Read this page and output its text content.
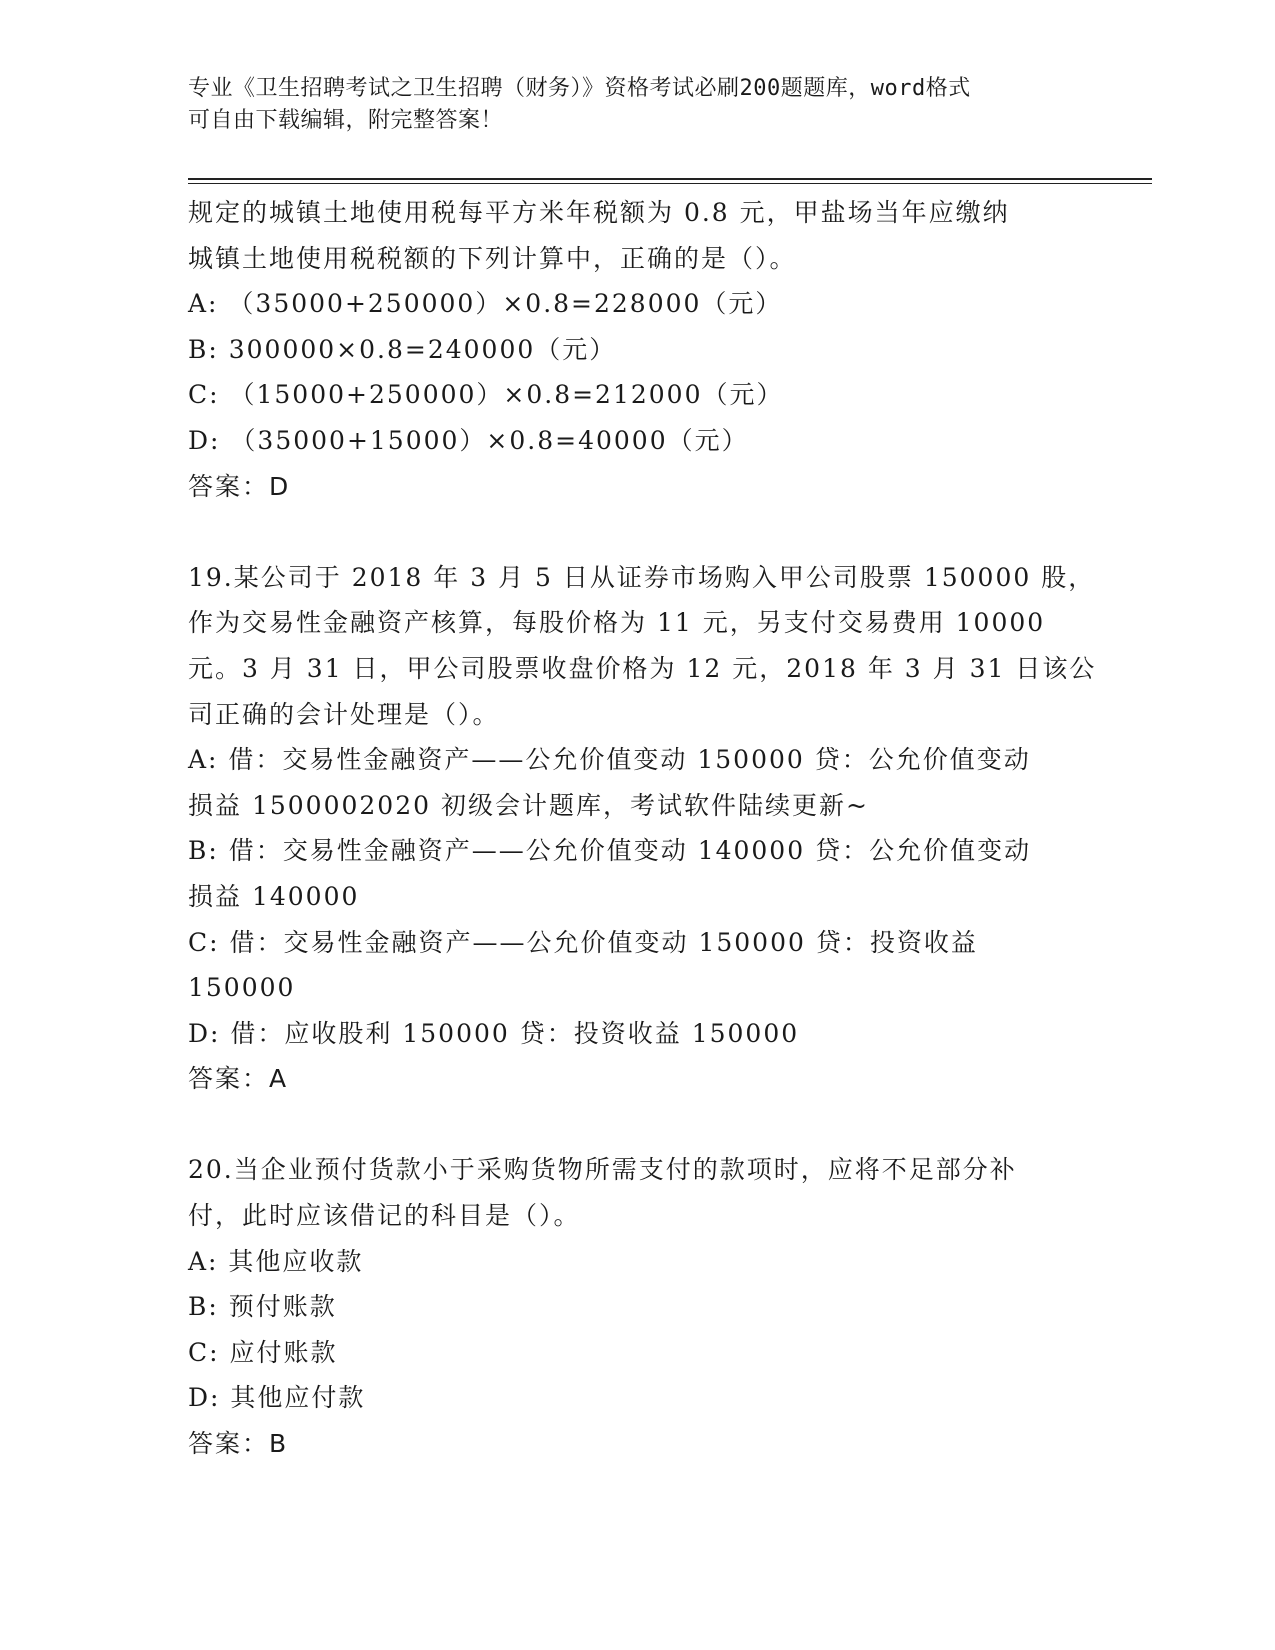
专业《卫生招聘考试之卫生招聘（财务）》资格考试必刷200题题库，word格式
可自由下载编辑，附完整答案！
规定的城镇土地使用税每平方米年税额为 0.8 元，甲盐场当年应缴纳
城镇土地使用税税额的下列计算中，正确的是（）。
A: （35000+250000）×0.8=228000（元）
B: 300000×0.8=240000（元）
C: （15000+250000）×0.8=212000（元）
D: （35000+15000）×0.8=40000（元）
答案：D
19.某公司于 2018 年 3 月 5 日从证券市场购入甲公司股票 150000 股，
作为交易性金融资产核算，每股价格为 11 元，另支付交易费用 10000
元。3 月 31 日，甲公司股票收盘价格为 12 元，2018 年 3 月 31 日该公
司正确的会计处理是（）。
A: 借：交易性金融资产——公允价值变动 150000 贷：公允价值变动
损益 1500002020 初级会计题库，考试软件陆续更新~
B: 借：交易性金融资产——公允价值变动 140000 贷：公允价值变动
损益 140000
C: 借：交易性金融资产——公允价值变动 150000 贷：投资收益
150000
D: 借：应收股利 150000 贷：投资收益 150000
答案：A
20.当企业预付货款小于采购货物所需支付的款项时，应将不足部分补
付，此时应该借记的科目是（）。
A: 其他应收款
B: 预付账款
C: 应付账款
D: 其他应付款
答案：B
